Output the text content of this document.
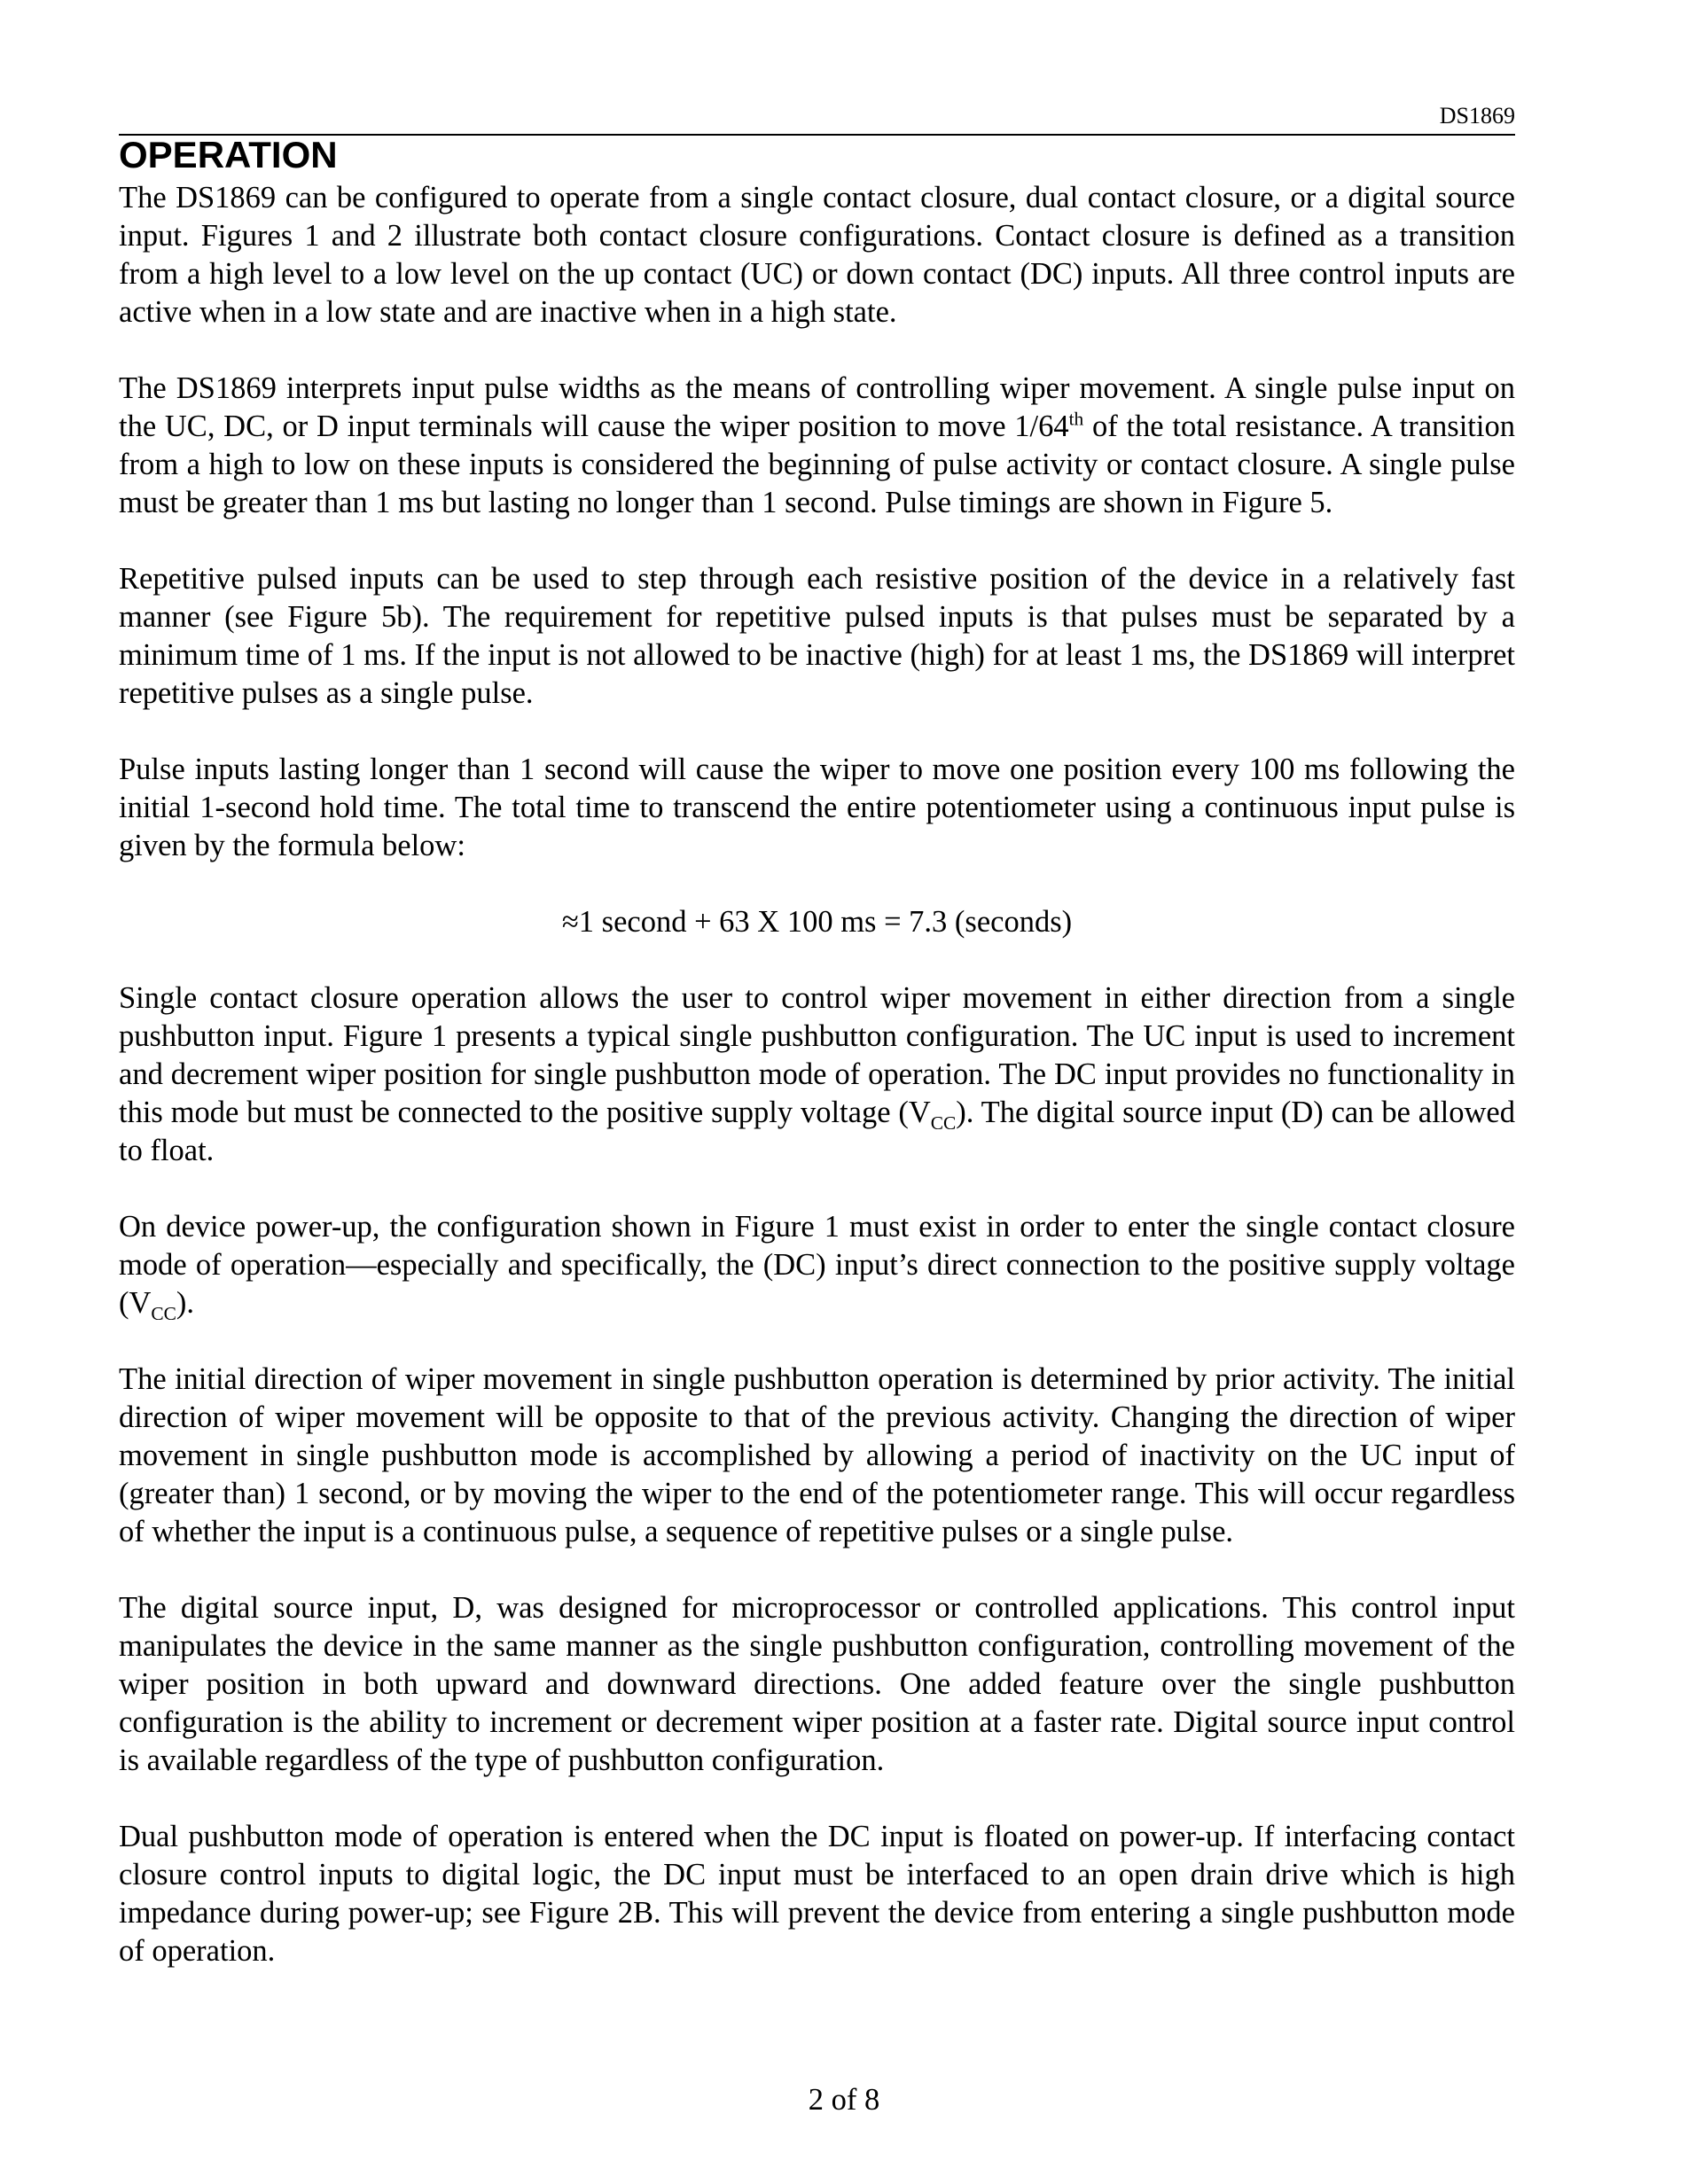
DS1869
OPERATION

The DS1869 can be configured to operate from a single contact closure, dual contact closure, or a digital source input. Figures 1 and 2 illustrate both contact closure configurations. Contact closure is defined as a transition from a high level to a low level on the up contact (UC) or down contact (DC) inputs. All three control inputs are active when in a low state and are inactive when in a high state.

The DS1869 interprets input pulse widths as the means of controlling wiper movement. A single pulse input on the UC, DC, or D input terminals will cause the wiper position to move 1/64th of the total resistance. A transition from a high to low on these inputs is considered the beginning of pulse activity or contact closure. A single pulse must be greater than 1 ms but lasting no longer than 1 second. Pulse timings are shown in Figure 5.

Repetitive pulsed inputs can be used to step through each resistive position of the device in a relatively fast manner (see Figure 5b). The requirement for repetitive pulsed inputs is that pulses must be separated by a minimum time of 1 ms. If the input is not allowed to be inactive (high) for at least 1 ms, the DS1869 will interpret repetitive pulses as a single pulse.

Pulse inputs lasting longer than 1 second will cause the wiper to move one position every 100 ms following the initial 1-second hold time. The total time to transcend the entire potentiometer using a continuous input pulse is given by the formula below:

≈1 second + 63 X 100 ms = 7.3 (seconds)

Single contact closure operation allows the user to control wiper movement in either direction from a single pushbutton input. Figure 1 presents a typical single pushbutton configuration. The UC input is used to increment and decrement wiper position for single pushbutton mode of operation. The DC input provides no functionality in this mode but must be connected to the positive supply voltage $(V_{CC})$. The digital source input (D) can be allowed to float.

On device power-up, the configuration shown in Figure 1 must exist in order to enter the single contact closure mode of operation—especially and specifically, the (DC) input’s direct connection to the positive supply voltage $(V_{CC})$.

The initial direction of wiper movement in single pushbutton operation is determined by prior activity. The initial direction of wiper movement will be opposite to that of the previous activity. Changing the direction of wiper movement in single pushbutton mode is accomplished by allowing a period of inactivity on the UC input of (greater than) 1 second, or by moving the wiper to the end of the potentiometer range. This will occur regardless of whether the input is a continuous pulse, a sequence of repetitive pulses or a single pulse.

The digital source input, D, was designed for microprocessor or controlled applications. This control input manipulates the device in the same manner as the single pushbutton configuration, controlling movement of the wiper position in both upward and downward directions. One added feature over the single pushbutton configuration is the ability to increment or decrement wiper position at a faster rate. Digital source input control is available regardless of the type of pushbutton configuration.

Dual pushbutton mode of operation is entered when the DC input is floated on power-up. If interfacing contact closure control inputs to digital logic, the DC input must be interfaced to an open drain drive which is high impedance during power-up; see Figure 2B. This will prevent the device from entering a single pushbutton mode of operation.

2 of 8
